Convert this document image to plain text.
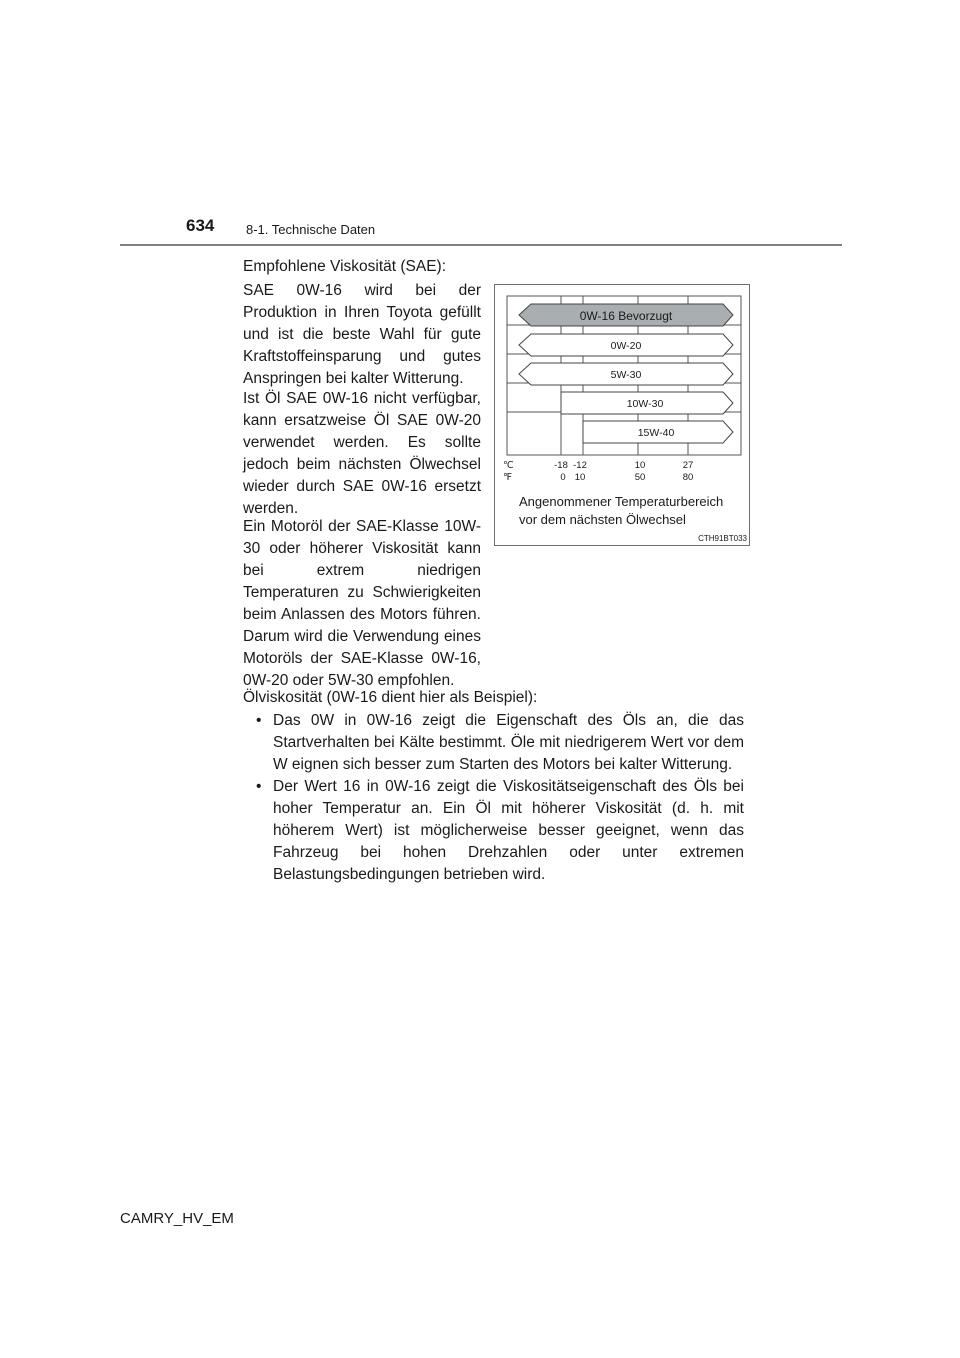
634 8-1. Technische Daten
Empfohlene Viskosität (SAE):

SAE 0W-16 wird bei der Produktion in Ihren Toyota gefüllt und ist die beste Wahl für gute Kraftstoffeinsparung und gutes Anspringen bei kalter Witterung.

Ist Öl SAE 0W-16 nicht verfügbar, kann ersatzweise Öl SAE 0W-20 verwendet werden. Es sollte jedoch beim nächsten Ölwechsel wieder durch SAE 0W-16 ersetzt werden.

Ein Motoröl der SAE-Klasse 10W-30 oder höherer Viskosität kann bei extrem niedrigen Temperaturen zu Schwierigkeiten beim Anlassen des Motors führen. Darum wird die Verwendung eines Motoröls der SAE-Klasse 0W-16, 0W-20 oder 5W-30 empfohlen.

0W-16 Bevorzugt
0W-20
5W-30
10W-30
15W-40
℃
℉
-18 -12	10	27
0 10	50	80
Angenommener Temperaturbereich
vor dem nächsten Ölwechsel
CTH91BT033
Ölviskosität (0W-16 dient hier als Beispiel):
• Das 0W in 0W-16 zeigt die Eigenschaft des Öls an, die das Startverhalten bei Kälte bestimmt. Öle mit niedrigerem Wert vor dem W eignen sich besser zum Starten des Motors bei kalter Witterung.
• Der Wert 16 in 0W-16 zeigt die Viskositätseigenschaft des Öls bei hoher Temperatur an. Ein Öl mit höherer Viskosität (d. h. mit höherem Wert) ist möglicherweise besser geeignet, wenn das Fahrzeug bei hohen Drehzahlen oder unter extremen Belastungsbedingungen betrieben wird.
CAMRY_HV_EM
